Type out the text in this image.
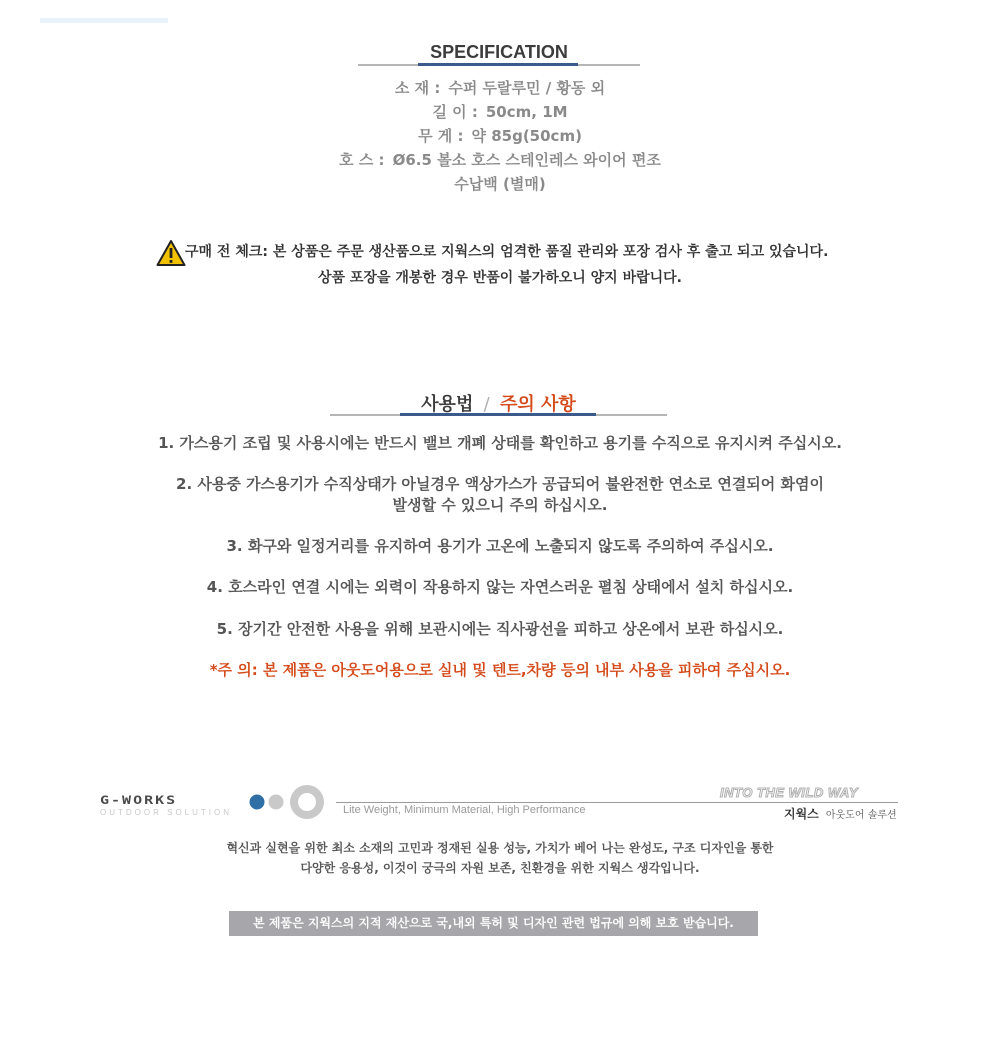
SPECIFICATION
소 재 : 수퍼 두랄루민 / 황동 외
길 이 : 50cm, 1M
무 게 : 약 85g(50cm)
호 스 : Ø6.5 볼소 호스 스테인레스 와이어 편조
수납백 (별매)
구매 전 체크: 본 상품은 주문 생산품으로 지웍스의 엄격한 품질 관리와 포장 검사 후 출고 되고 있습니다.
상품 포장을 개봉한 경우 반품이 불가하오니 양지 바랍니다.
사용법 / 주의 사항
1. 가스용기 조립 및 사용시에는 반드시 밸브 개폐 상태를 확인하고 용기를 수직으로 유지시켜 주십시오.
2. 사용중 가스용기가 수직상태가 아닐경우 액상가스가 공급되어 불완전한 연소로 연결되어 화염이
발생할 수 있으니 주의 하십시오.
3. 화구와 일정거리를 유지하여 용기가 고온에 노출되지 않도록 주의하여 주십시오.
4. 호스라인 연결 시에는 외력이 작용하지 않는 자연스러운 펼침 상태에서 설치 하십시오.
5. 장기간 안전한 사용을 위해 보관시에는 직사광선을 피하고 상온에서 보관 하십시오.
*주 의: 본 제품은 아웃도어용으로 실내 및 텐트,차량 등의 내부 사용을 피하여 주십시오.
G-WORKS
OUTDOOR SOLUTION
INTO THE WILD WAY
Lite Weight, Minimum Material, High Performance	지웍스 아웃도어 솔루션
혁신과 실현을 위한 최소 소재의 고민과 정재된 실용 성능, 가치가 베어 나는 완성도, 구조 디자인을 통한
다양한 응용성, 이것이 궁극의 자원 보존, 친환경을 위한 지웍스 생각입니다.
본 제품은 지웍스의 지적 재산으로 국,내외 특허 및 디자인 관련 법규에 의해 보호 받습니다.
